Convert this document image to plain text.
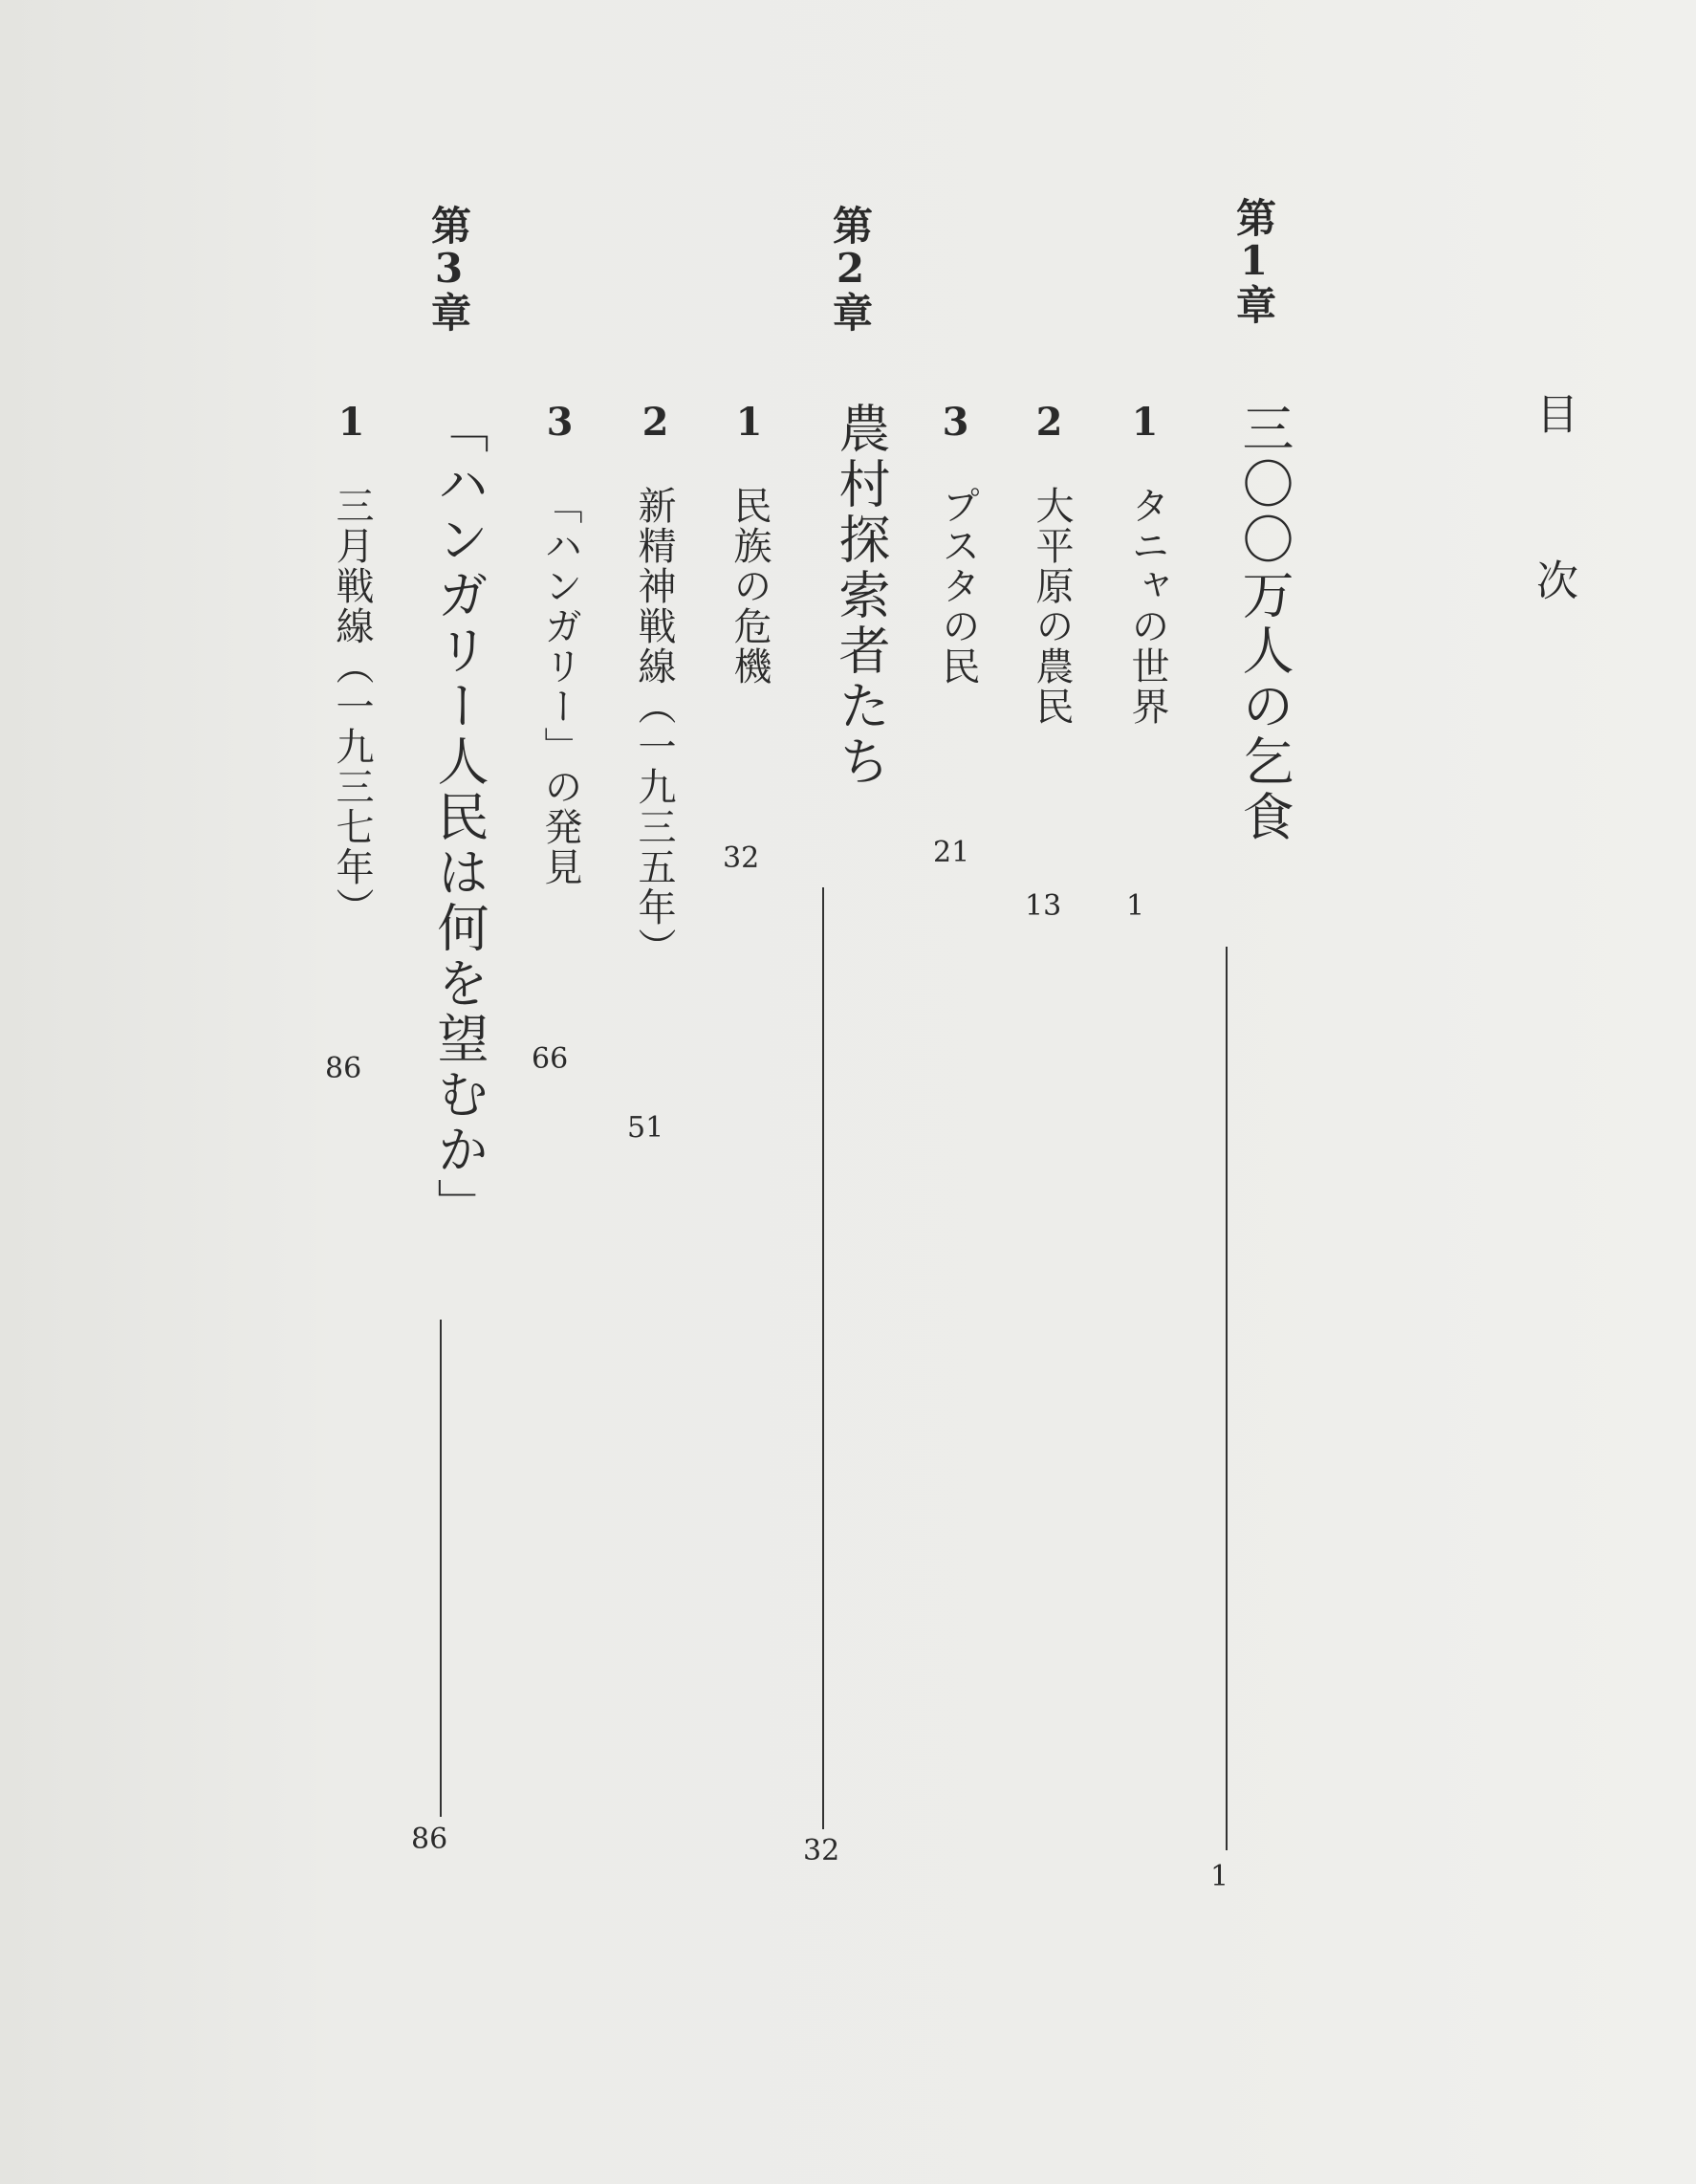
目次
第1章
三〇〇万人の乞食
1
1
タニャの世界
1
2
大平原の農民
13
3
プスタの民
21
第2章
農村探索者たち
32
1
民族の危機
32
2
新精神戦線（一九三五年）
51
3
「ハンガリー」の発見
66
第3章
「ハンガリー人民は何を望むか」
86
1
三月戦線（一九三七年）
86
